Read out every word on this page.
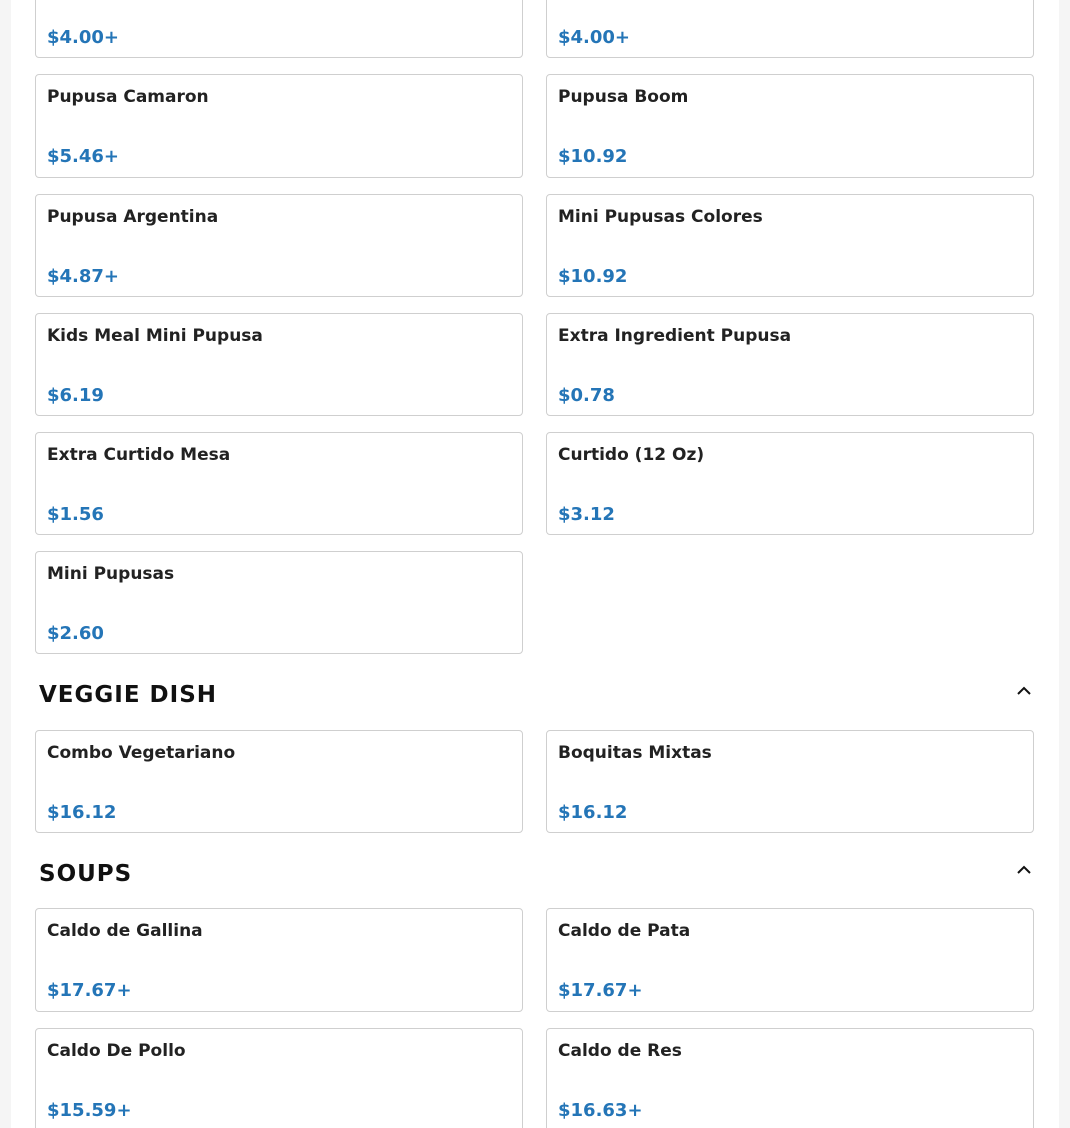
$4.00+	$4.00+
Pupusa Camaron
$5.46+
Pupusa Boom
$10.92
Pupusa Argentina
$4.87+
Mini Pupusas Colores
$10.92
Kids Meal Mini Pupusa
$6.19
Extra Ingredient Pupusa
$0.78
Extra Curtido Mesa
$1.56
Curtido (12 Oz)
$3.12
Mini Pupusas
$2.60
VEGGIE DISH
Combo Vegetariano
$16.12
Boquitas Mixtas
$16.12
SOUPS
Caldo de Gallina
$17.67+
Caldo de Pata
$17.67+
Caldo De Pollo
$15.59+
Caldo de Res
$16.63+
